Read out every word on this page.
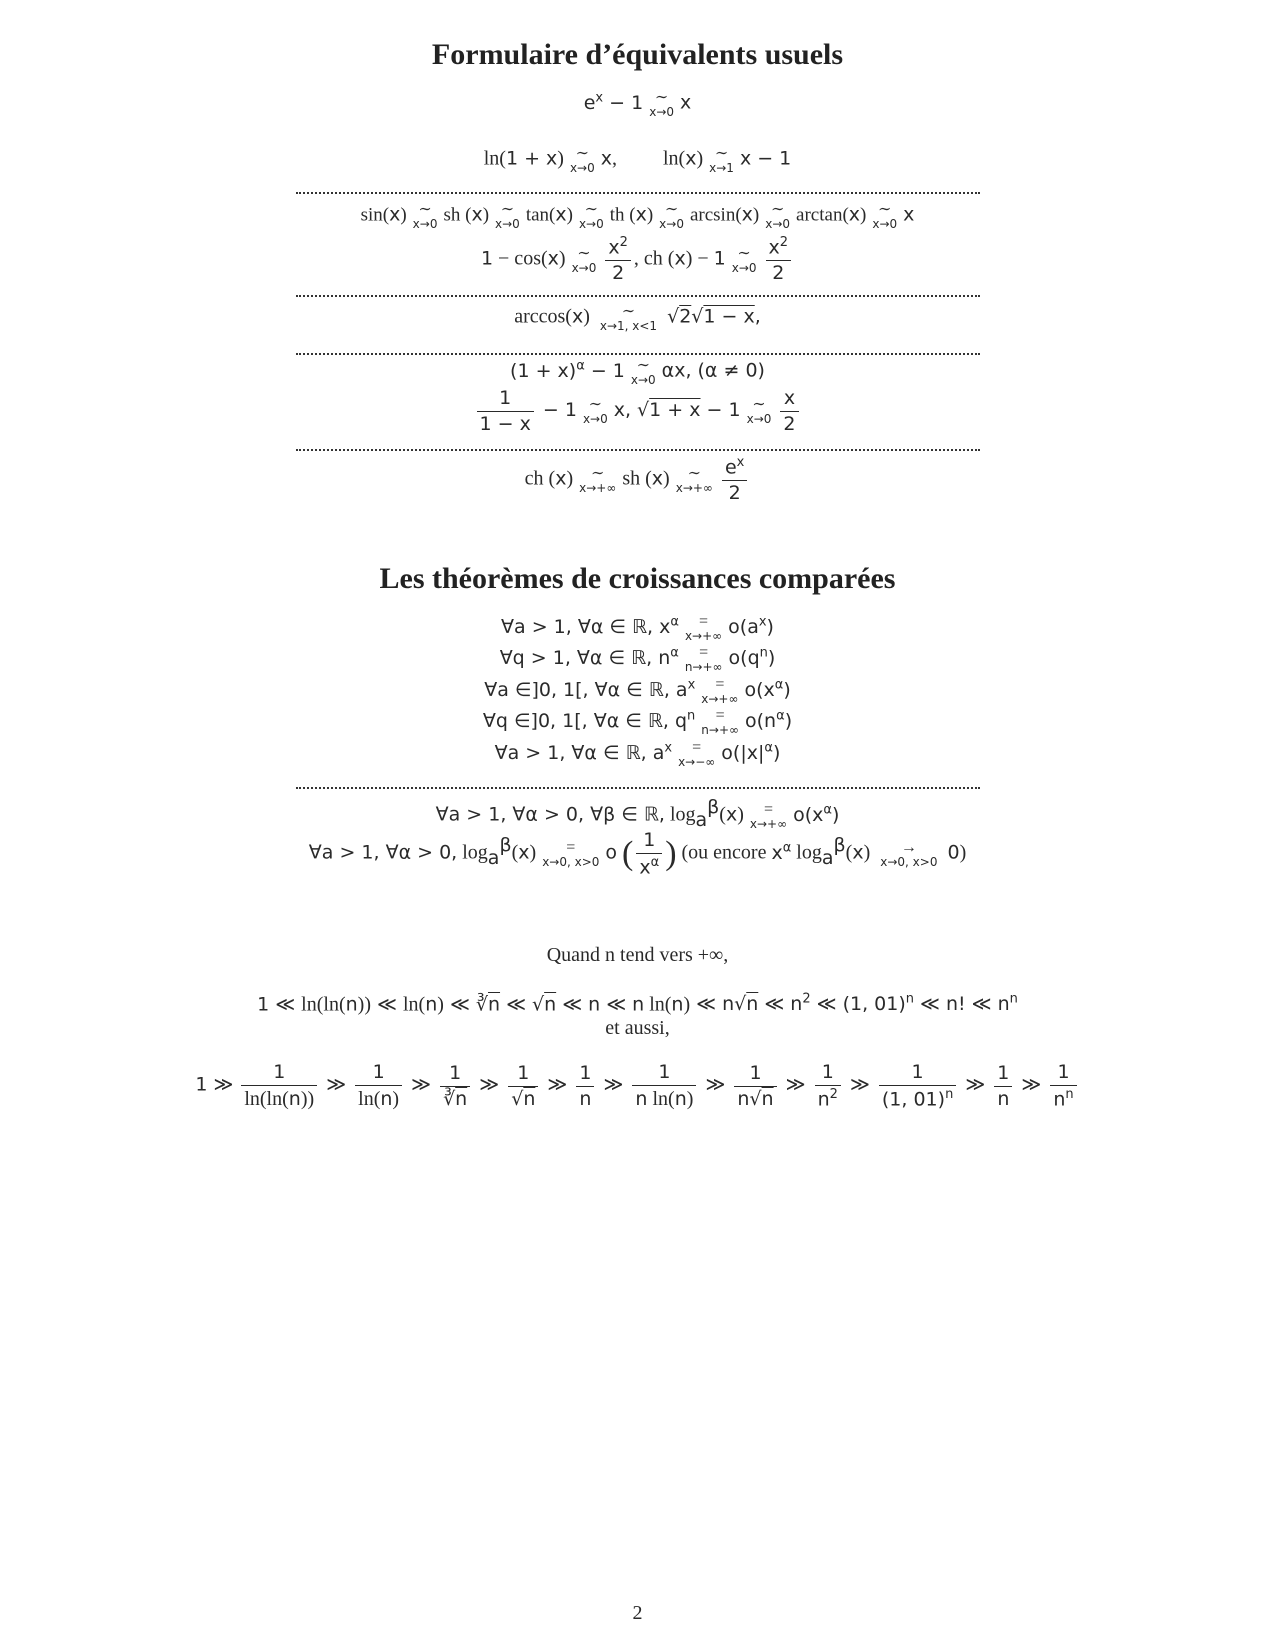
Formulaire d’équivalents usuels
$e^x - 1$ ∼
x→0 x
ln(1 + x) ∼
x→0 x,  ln(x) ∼
x→1 x − 1
sin(x) ∼
x→0 sh (x) ∼
x→0 tan(x) ∼
x→0 th (x) ∼
x→0 arcsin(x) ∼
x→0 arctan(x) ∼
x→0 x
1 − cos(x) ∼
$x\to 0 \frac{x^2}{2}$ , ch (x) − 1 ∼
$x\to 0 \frac{x^2}{2}$
arccos(x)	∼
x→1, x<1 √2√1 − x,
$(1 + x)^\alpha - 1$ ∼
x→0 αx, (α ≠ 0)
$\frac{1}{1 - x} - 1$ ∼
x→0 x, √1 + x − 1 ∼
$x\to 0 \frac{x}{2}$
ch (x)	∼
x→+∞ sh (x)	∼
$x\to+\infty \frac{e^x}{2}$
Les théorèmes de croissances comparées
∀a > 1, ∀α ∈ ℝ, $x^\alpha$	=
x→+∞ $o(a^x)$
∀q > 1, ∀α ∈ ℝ, $n^\alpha$	=
n→+∞ $o(q^n)$
∀a ∈]0, 1[, ∀α ∈ ℝ, $a^x$	=
x→+∞ $o(x^\alpha)$
∀q ∈]0, 1[, ∀α ∈ ℝ, $q^n$	=
n→+∞ $o(n^\alpha)$
∀a > 1, ∀α ∈ ℝ, $a^x$	=
x→−∞ $o(|x|^\alpha)$
∀a > 1, ∀α > 0, ∀β ∈ ℝ, $\log_a^\beta(x)$	=
x→+∞ $o(x^\alpha)$
∀a > 1, ∀α > 0, $\log_a^\beta(x)$	=
x→0, x>0 o ( $\frac{1}{x^\alpha}$ ) (ou encore $x^\alpha$ $\log_a^\beta(x)$	→
x→0, x>0 0)
Quand n tend vers +∞,
1 ≪ ln(ln(n)) ≪ ln(n) ≪ $∛\overline{n}$ ≪ √n ≪ n ≪ n ln(n) ≪ n√n ≪ $n^2$ ≪ (1, 01)$^n$ ≪ n! ≪ $n^n$
et aussi,
1 ≫ $\frac{1}{\ln(\ln(n))}$ ≫ $\frac{1}{\ln(n)}$ ≫ $\frac{1}{∛\overline{n}}$ ≫ $\frac{1}{√n}$ ≫ $\frac{1}{n}$ ≫ $\frac{1}{\text{n ln(n)}}$ ≫ $\frac{1}{n√n}$ ≫ $\frac{1}{n^2}$ ≫ $\frac{1}{(1, 01)^n}$ ≫ $\frac{1}{n}$ ≫ $\frac{1}{n^n}$
2
